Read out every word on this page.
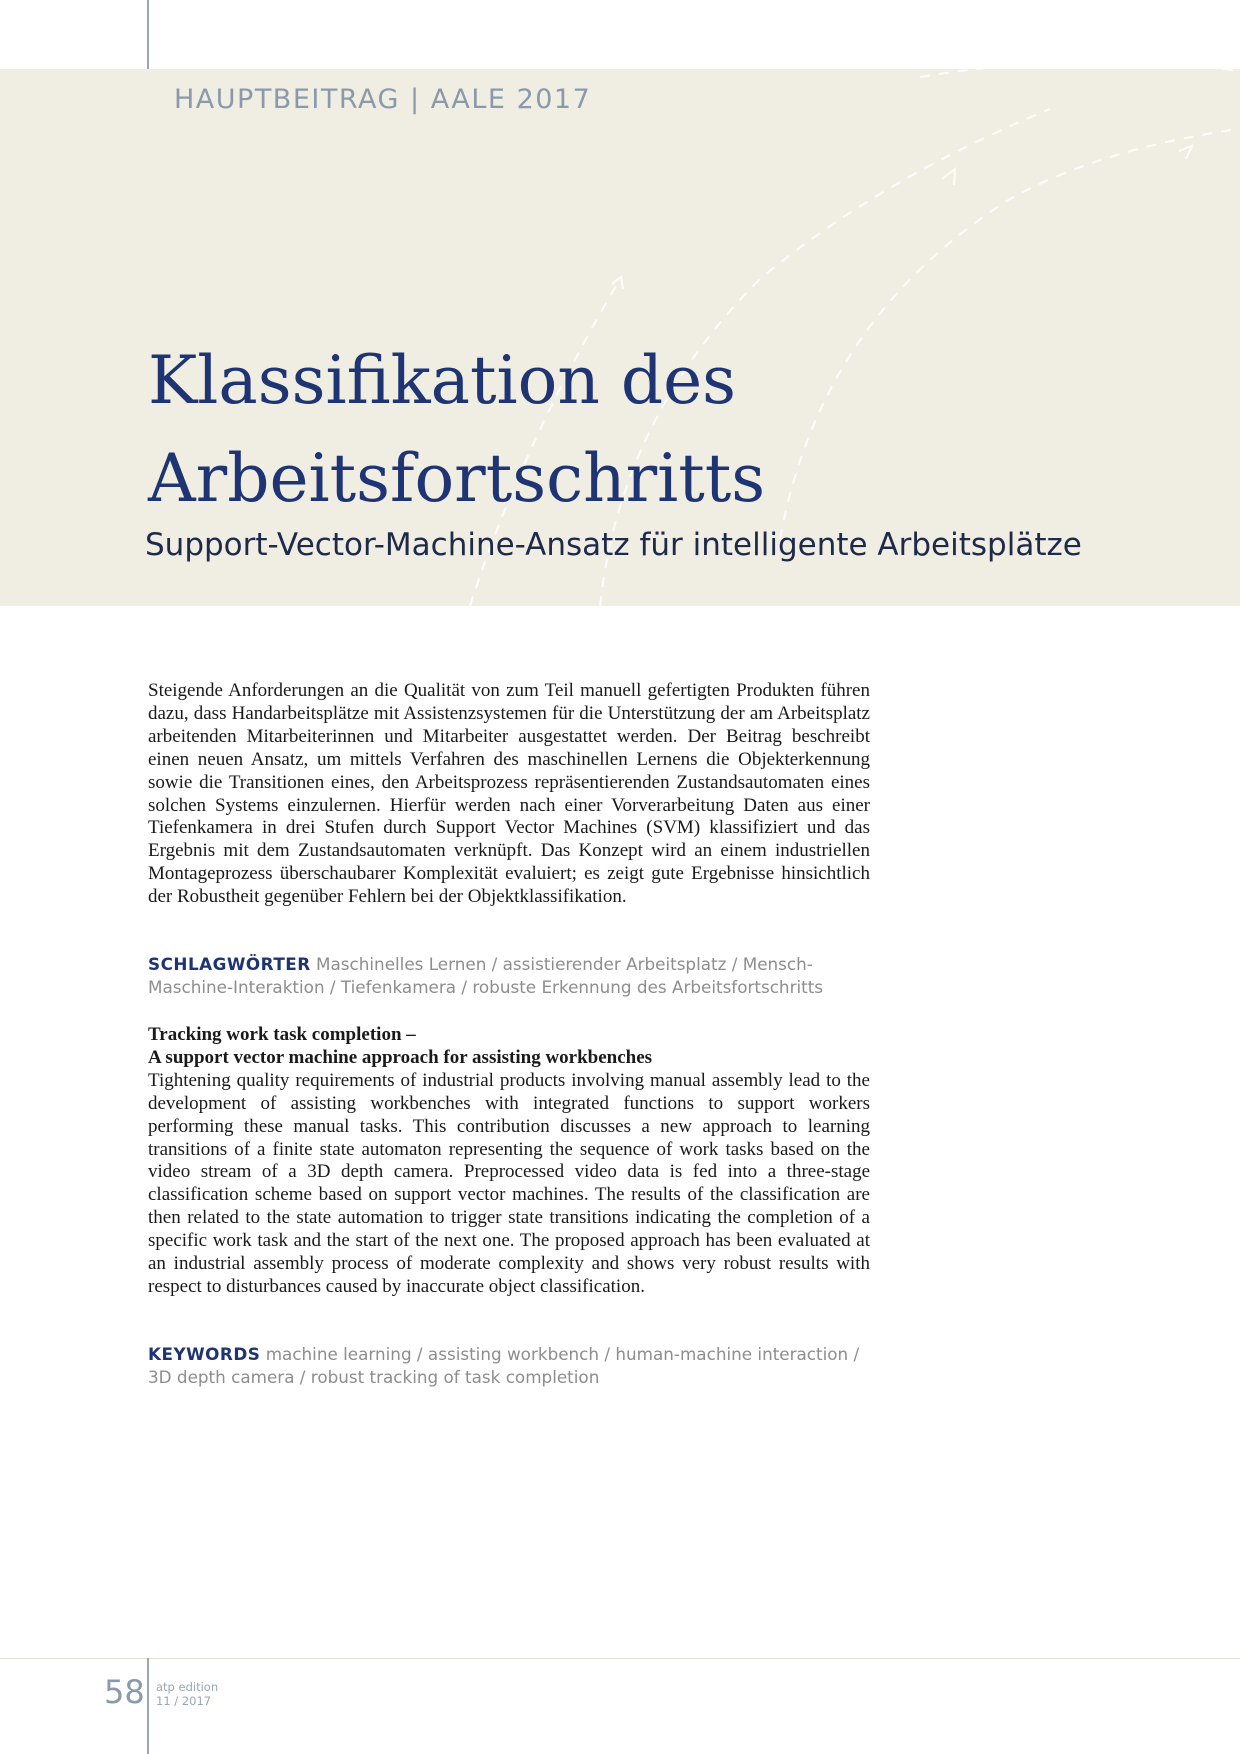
HAUPTBEITRAG | AALE 2017
Klassifikation des
Arbeitsfortschritts
Support-Vector-Machine-Ansatz für intelligente Arbeitsplätze

Steigende Anforderungen an die Qualität von zum Teil manuell gefertigten Produkten führen dazu, dass Handarbeitsplätze mit Assistenzsystemen für die Unterstützung der am Arbeitsplatz arbeitenden Mitarbeiterinnen und Mitarbeiter ausgestattet werden. Der Beitrag beschreibt einen neuen Ansatz, um mittels Verfahren des maschinellen Lernens die Objekterkennung sowie die Transitionen eines, den Arbeitsprozess repräsentierenden Zustandsautomaten eines solchen Systems einzulernen. Hierfür werden nach einer Vorverarbeitung Daten aus einer Tiefenkamera in drei Stufen durch Support Vector Machines (SVM) klassifiziert und das Ergebnis mit dem Zustandsautomaten verknüpft. Das Konzept wird an einem industriellen Montageprozess überschaubarer Komplexität evaluiert; es zeigt gute Ergebnisse hinsichtlich der Robustheit gegenüber Fehlern bei der Objektklassifikation.

SCHLAGWÖRTER Maschinelles Lernen / assistierender Arbeitsplatz / Mensch-Maschine-Interaktion / Tiefenkamera / robuste Erkennung des Arbeitsfortschritts

Tracking work task completion –
A support vector machine approach for assisting workbenches

Tightening quality requirements of industrial products involving manual assembly lead to the development of assisting workbenches with integrated functions to support workers performing these manual tasks. This contribution discusses a new approach to learning transitions of a finite state automaton representing the sequence of work tasks based on the video stream of a 3D depth camera. Preprocessed video data is fed into a three-stage classification scheme based on support vector machines. The results of the classification are then related to the state automation to trigger state transitions indicating the completion of a specific work task and the start of the next one. The proposed approach has been evaluated at an industrial assembly process of moderate complexity and shows very robust results with respect to disturbances caused by inaccurate object classification.

KEYWORDS machine learning / assisting workbench / human-machine interaction / 3D depth camera / robust tracking of task completion

58 atp edition
11 / 2017
